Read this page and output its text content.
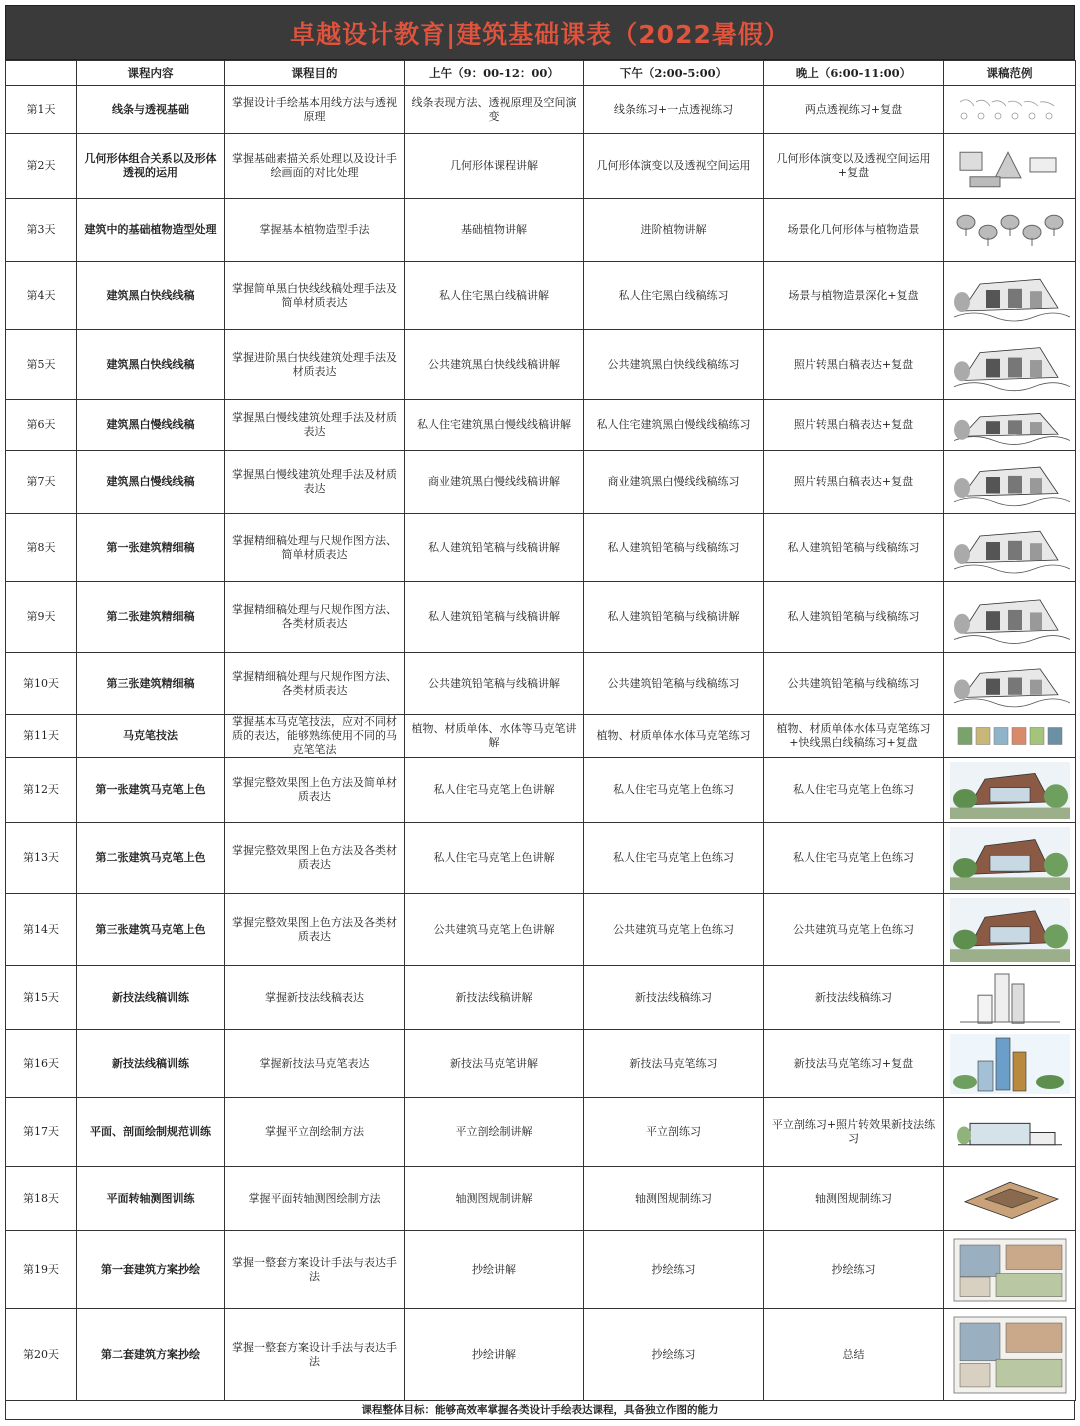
卓越设计教育|建筑基础课表（2022暑假）
	课程内容	课程目的	上午（9：00-12：00）	下午（2:00-5:00）	晚上（6:00-11:00）	课稿范例
第1天	线条与透视基础	掌握设计手绘基本用线方法与透视原理	线条表现方法、透视原理及空间演变	线条练习+一点透视练习	两点透视练习+复盘	

第2天	几何形体组合关系以及形体透视的运用	掌握基础素描关系处理以及设计手绘画面的对比处理	几何形体课程讲解	几何形体演变以及透视空间运用	几何形体演变以及透视空间运用+复盘	

第3天	建筑中的基础植物造型处理	掌握基本植物造型手法	基础植物讲解	进阶植物讲解	场景化几何形体与植物造景	

第4天	建筑黑白快线线稿	掌握简单黑白快线线稿处理手法及简单材质表达	私人住宅黑白线稿讲解	私人住宅黑白线稿练习	场景与植物造景深化+复盘	

第5天	建筑黑白快线线稿	掌握进阶黑白快线建筑处理手法及材质表达	公共建筑黑白快线线稿讲解	公共建筑黑白快线线稿练习	照片转黑白稿表达+复盘	

第6天	建筑黑白慢线线稿	掌握黑白慢线建筑处理手法及材质表达	私人住宅建筑黑白慢线线稿讲解	私人住宅建筑黑白慢线线稿练习	照片转黑白稿表达+复盘	

第7天	建筑黑白慢线线稿	掌握黑白慢线建筑处理手法及材质表达	商业建筑黑白慢线线稿讲解	商业建筑黑白慢线线稿练习	照片转黑白稿表达+复盘	

第8天	第一张建筑精细稿	掌握精细稿处理与尺规作图方法、简单材质表达	私人建筑铅笔稿与线稿讲解	私人建筑铅笔稿与线稿练习	私人建筑铅笔稿与线稿练习	

第9天	第二张建筑精细稿	掌握精细稿处理与尺规作图方法、各类材质表达	私人建筑铅笔稿与线稿讲解	私人建筑铅笔稿与线稿讲解	私人建筑铅笔稿与线稿练习	

第10天	第三张建筑精细稿	掌握精细稿处理与尺规作图方法、各类材质表达	公共建筑铅笔稿与线稿讲解	公共建筑铅笔稿与线稿练习	公共建筑铅笔稿与线稿练习	

第11天	马克笔技法	掌握基本马克笔技法，应对不同材质的表达，能够熟练使用不同的马克笔笔法	植物、材质单体、水体等马克笔讲解	植物、材质单体水体马克笔练习	植物、材质单体水体马克笔练习+快线黑白线稿练习+复盘	

第12天	第一张建筑马克笔上色	掌握完整效果图上色方法及简单材质表达	私人住宅马克笔上色讲解	私人住宅马克笔上色练习	私人住宅马克笔上色练习	

第13天	第二张建筑马克笔上色	掌握完整效果图上色方法及各类材质表达	私人住宅马克笔上色讲解	私人住宅马克笔上色练习	私人住宅马克笔上色练习	

第14天	第三张建筑马克笔上色	掌握完整效果图上色方法及各类材质表达	公共建筑马克笔上色讲解	公共建筑马克笔上色练习	公共建筑马克笔上色练习	

第15天	新技法线稿训练	掌握新技法线稿表达	新技法线稿讲解	新技法线稿练习	新技法线稿练习	

第16天	新技法线稿训练	掌握新技法马克笔表达	新技法马克笔讲解	新技法马克笔练习	新技法马克笔练习+复盘	

第17天	平面、剖面绘制规范训练	掌握平立剖绘制方法	平立剖绘制讲解	平立剖练习	平立剖练习+照片转效果新技法练习	

第18天	平面转轴测图训练	掌握平面转轴测图绘制方法	轴测图规制讲解	轴测图规制练习	轴测图规制练习	

第19天	第一套建筑方案抄绘	掌握一整套方案设计手法与表达手法	抄绘讲解	抄绘练习	抄绘练习	

第20天	第二套建筑方案抄绘	掌握一整套方案设计手法与表达手法	抄绘讲解	抄绘练习	总结	
课程整体目标：能够高效率掌握各类设计手绘表达课程，具备独立作图的能力
